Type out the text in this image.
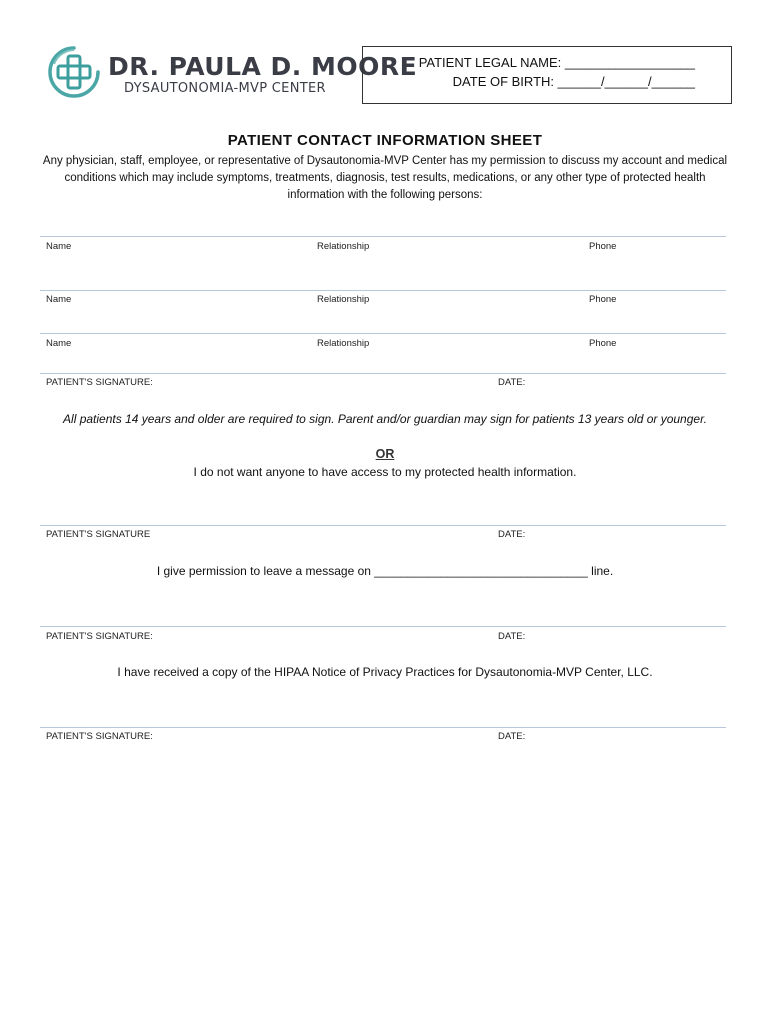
DR. PAULA D. MOORE
DYSAUTONOMIA-MVP CENTER
PATIENT LEGAL NAME: __________________
DATE OF BIRTH: ______/______/______
PATIENT CONTACT INFORMATION SHEET
Any physician, staff, employee, or representative of Dysautonomia-MVP Center has my permission to discuss my account and medical conditions which may include symptoms, treatments, diagnosis, test results, medications, or any other type of protected health information with the following persons:
Name	Relationship	Phone
Name	Relationship	Phone
Name	Relationship	Phone
PATIENT'S SIGNATURE:	DATE:
All patients 14 years and older are required to sign. Parent and/or guardian may sign for patients 13 years old or younger.
OR
I do not want anyone to have access to my protected health information.
PATIENT'S SIGNATURE	DATE:
I give permission to leave a message on ________________________________ line.
PATIENT'S SIGNATURE:	DATE:
I have received a copy of the HIPAA Notice of Privacy Practices for Dysautonomia-MVP Center, LLC.
PATIENT'S SIGNATURE:	DATE:
